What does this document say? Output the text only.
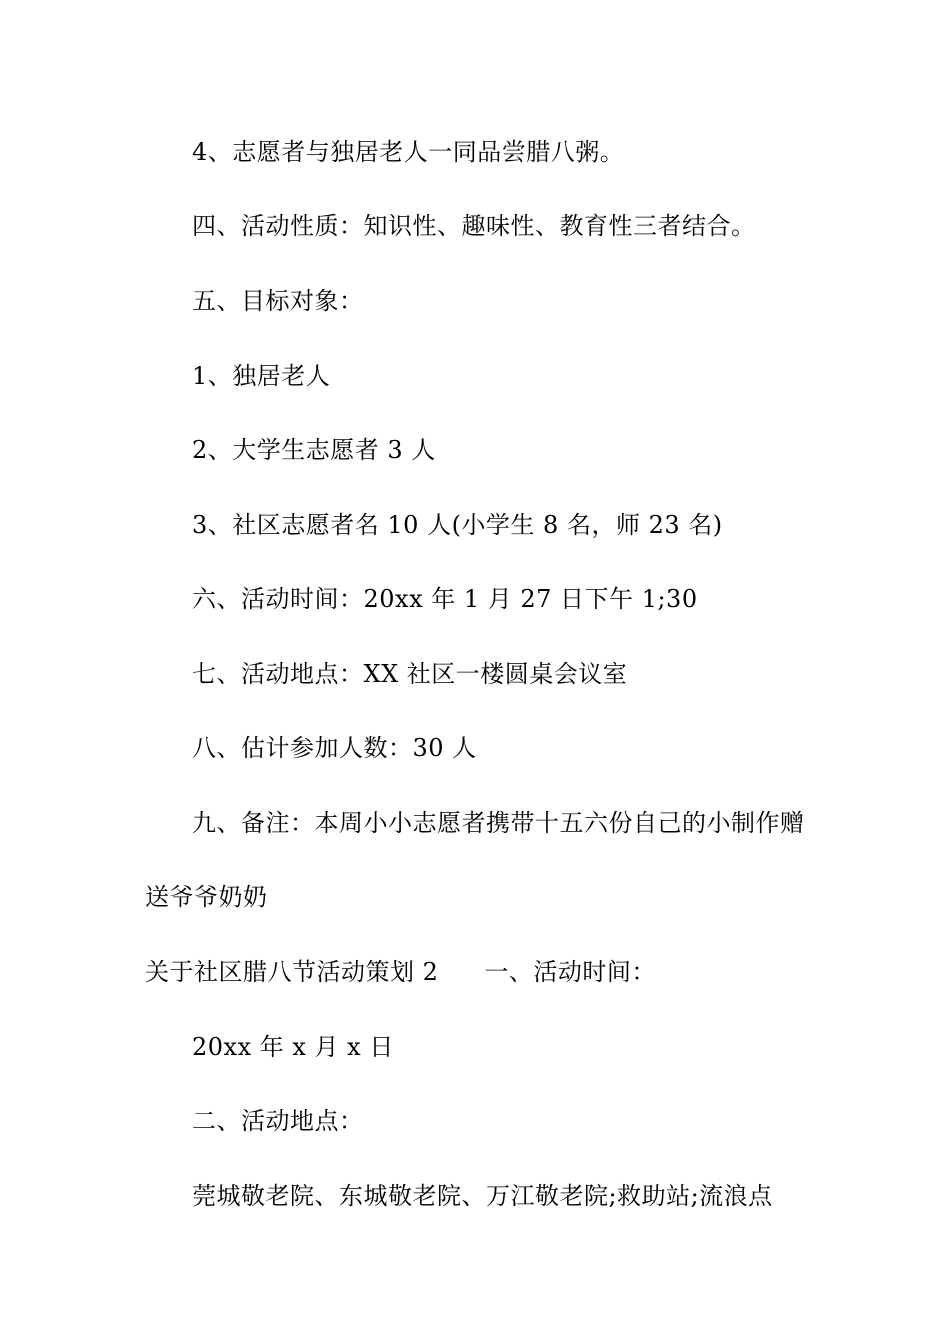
4、志愿者与独居老人一同品尝腊八粥。
四、活动性质：知识性、趣味性、教育性三者结合。
五、目标对象：
1、独居老人
2、大学生志愿者 3 人
3、社区志愿者名 10 人(小学生 8 名，师 23 名)
六、活动时间：20xx 年 1 月 27 日下午 1;30
七、活动地点：XX 社区一楼圆桌会议室
八、估计参加人数：30 人
九、备注：本周小小志愿者携带十五六份自己的小制作赠
送爷爷奶奶
关于社区腊八节活动策划 2 一、活动时间：
20xx 年 x 月 x 日
二、活动地点：
莞城敬老院、东城敬老院、万江敬老院;救助站;流浪点
